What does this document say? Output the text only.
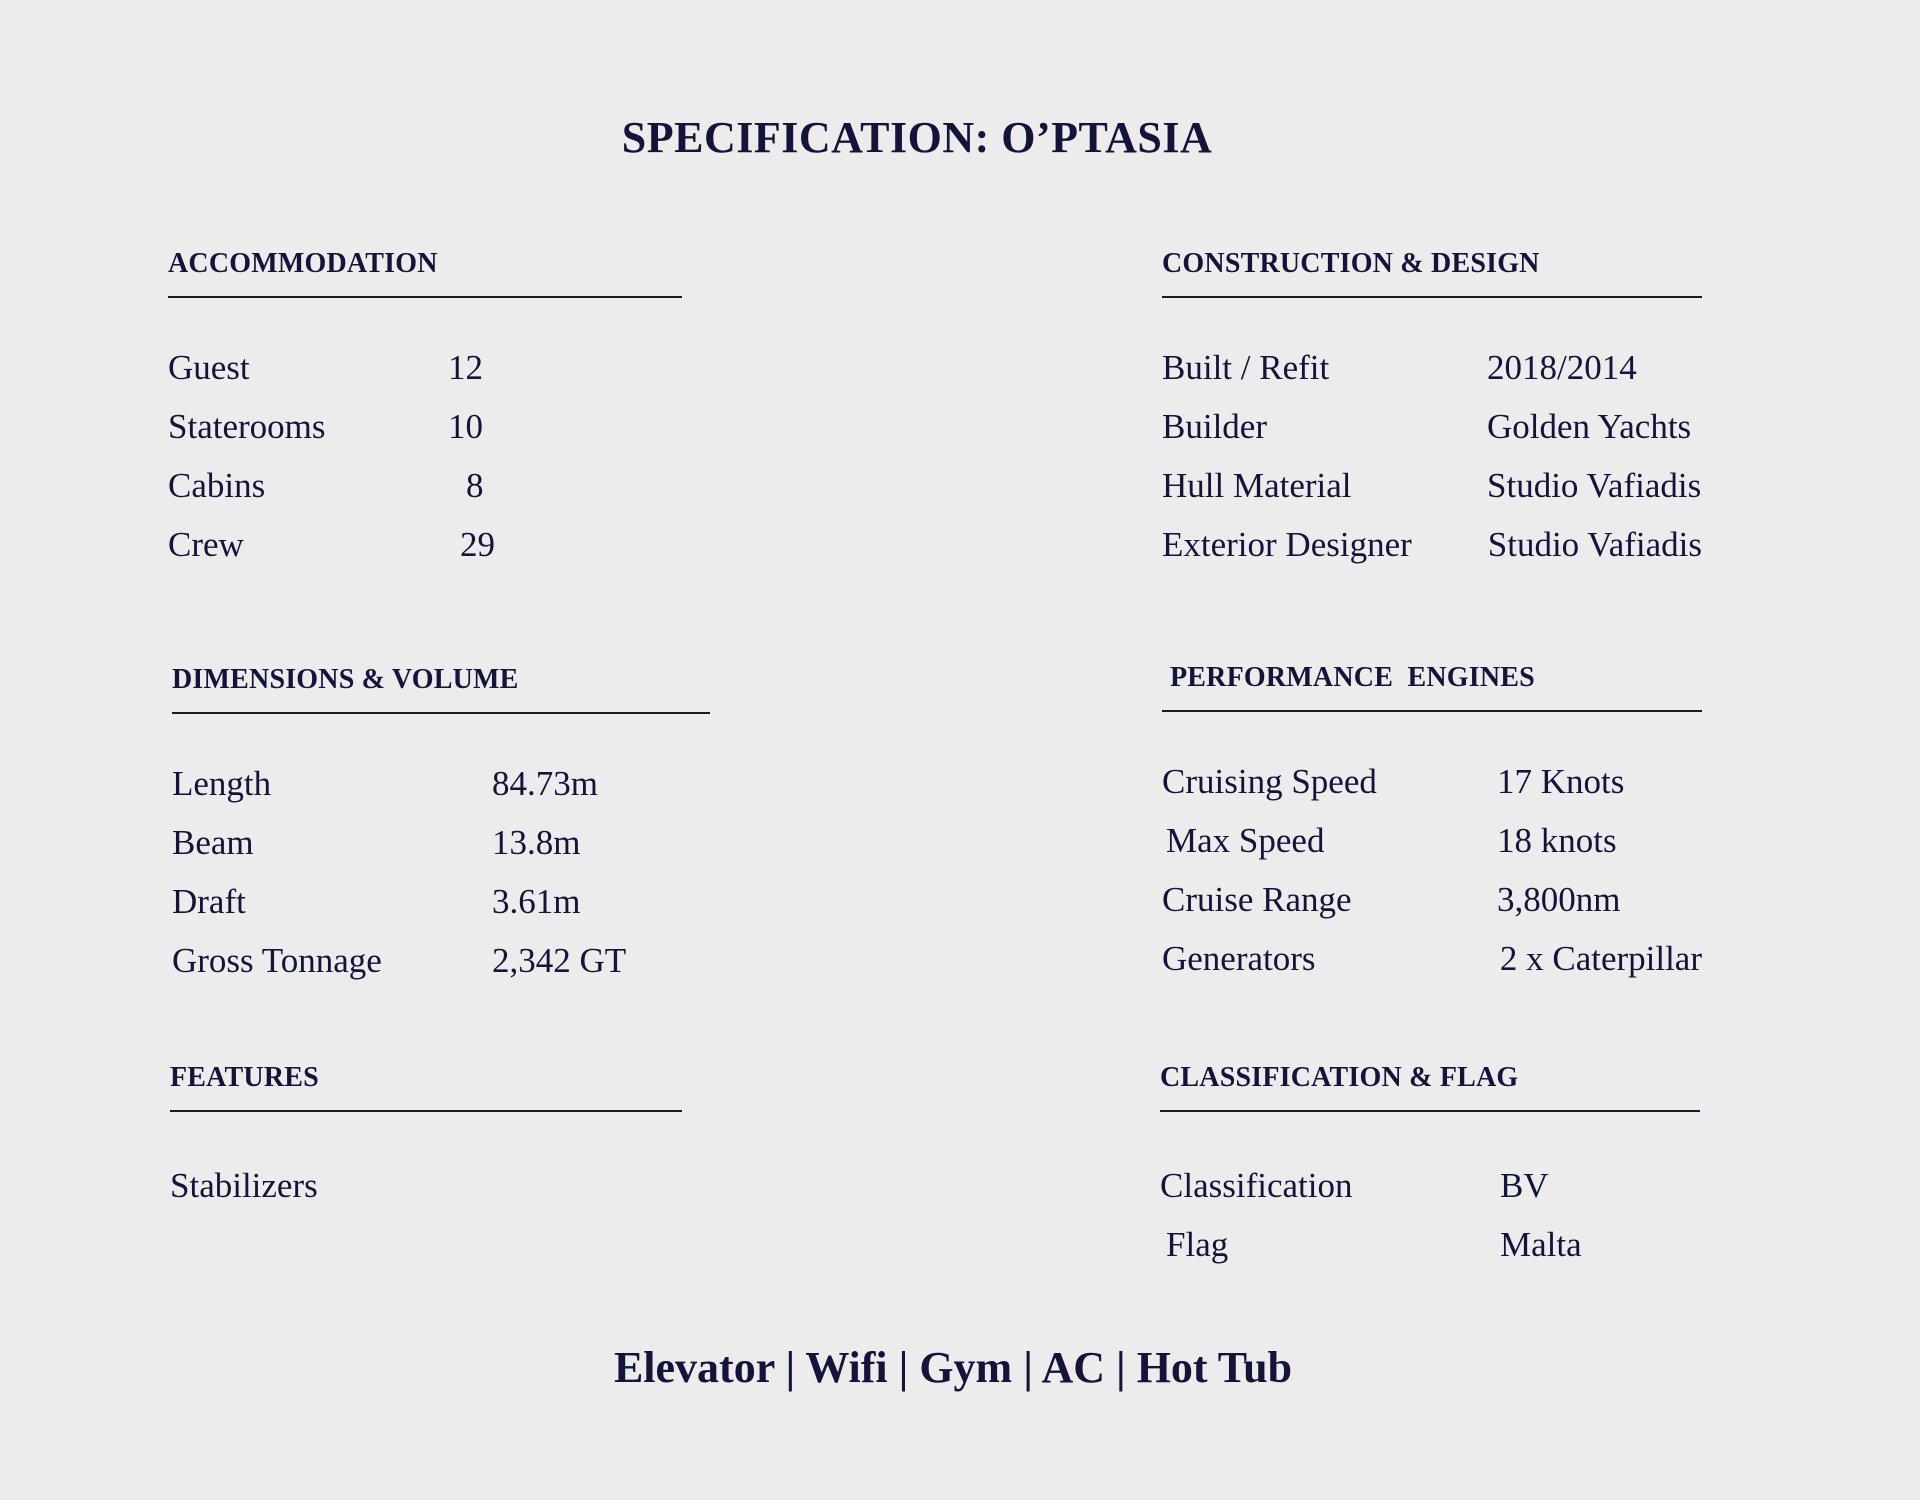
SPECIFICATION: O’PTASIA
ACCOMMODATION
Guest	12
Staterooms	10
Cabins	8
Crew	29
DIMENSIONS & VOLUME
Length	84.73m
Beam	13.8m
Draft	3.61m
Gross Tonnage	2,342 GT
FEATURES
Stabilizers
CONSTRUCTION & DESIGN
Built / Refit	2018/2014
Builder	Golden Yachts
Hull Material	Studio Vafiadis
Exterior Designer	Studio Vafiadis
PERFORMANCE  ENGINES
Cruising Speed	17 Knots
Max Speed	18 knots
Cruise Range	3,800nm
Generators	2 x Caterpillar
CLASSIFICATION & FLAG
Classification	BV
Flag	Malta

Elevator | Wifi | Gym | AC | Hot Tub
